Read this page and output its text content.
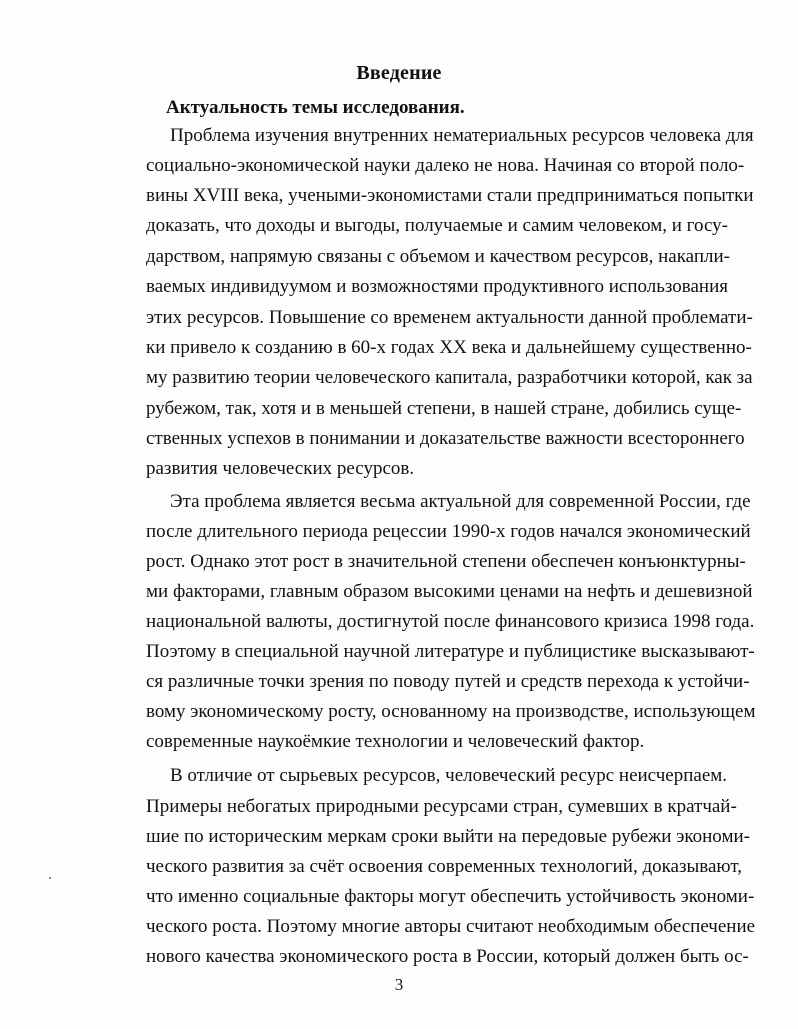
Введение
Актуальность темы исследования.
Проблема изучения внутренних нематериальных ресурсов человека для
социально-экономической науки далеко не нова. Начиная со второй поло-
вины XVIII века, учеными-экономистами стали предприниматься попытки
доказать, что доходы и выгоды, получаемые и самим человеком, и госу-
дарством, напрямую связаны с объемом и качеством ресурсов, накапли-
ваемых индивидуумом и возможностями продуктивного использования
этих ресурсов. Повышение со временем актуальности данной проблемати-
ки привело к созданию в 60-х годах XX века и дальнейшему существенно-
му развитию теории человеческого капитала, разработчики которой, как за
рубежом, так, хотя и в меньшей степени, в нашей стране, добились суще-
ственных успехов в понимании и доказательстве важности всестороннего
развития человеческих ресурсов.
Эта проблема является весьма актуальной для современной России, где
после длительного периода рецессии 1990-х годов начался экономический
рост. Однако этот рост в значительной степени обеспечен конъюнктурны-
ми факторами, главным образом высокими ценами на нефть и дешевизной
национальной валюты, достигнутой после финансового кризиса 1998 года.
Поэтому в специальной научной литературе и публицистике высказывают-
ся различные точки зрения по поводу путей и средств перехода к устойчи-
вому экономическому росту, основанному на производстве, использующем
современные наукоёмкие технологии и человеческий фактор.
В отличие от сырьевых ресурсов, человеческий ресурс неисчерпаем.
Примеры небогатых природными ресурсами стран, сумевших в кратчай-
шие по историческим меркам сроки выйти на передовые рубежи экономи-
ческого развития за счёт освоения современных технологий, доказывают,
что именно социальные факторы могут обеспечить устойчивость экономи-
ческого роста. Поэтому многие авторы считают необходимым обеспечение
нового качества экономического роста в России, который должен быть ос-
3
